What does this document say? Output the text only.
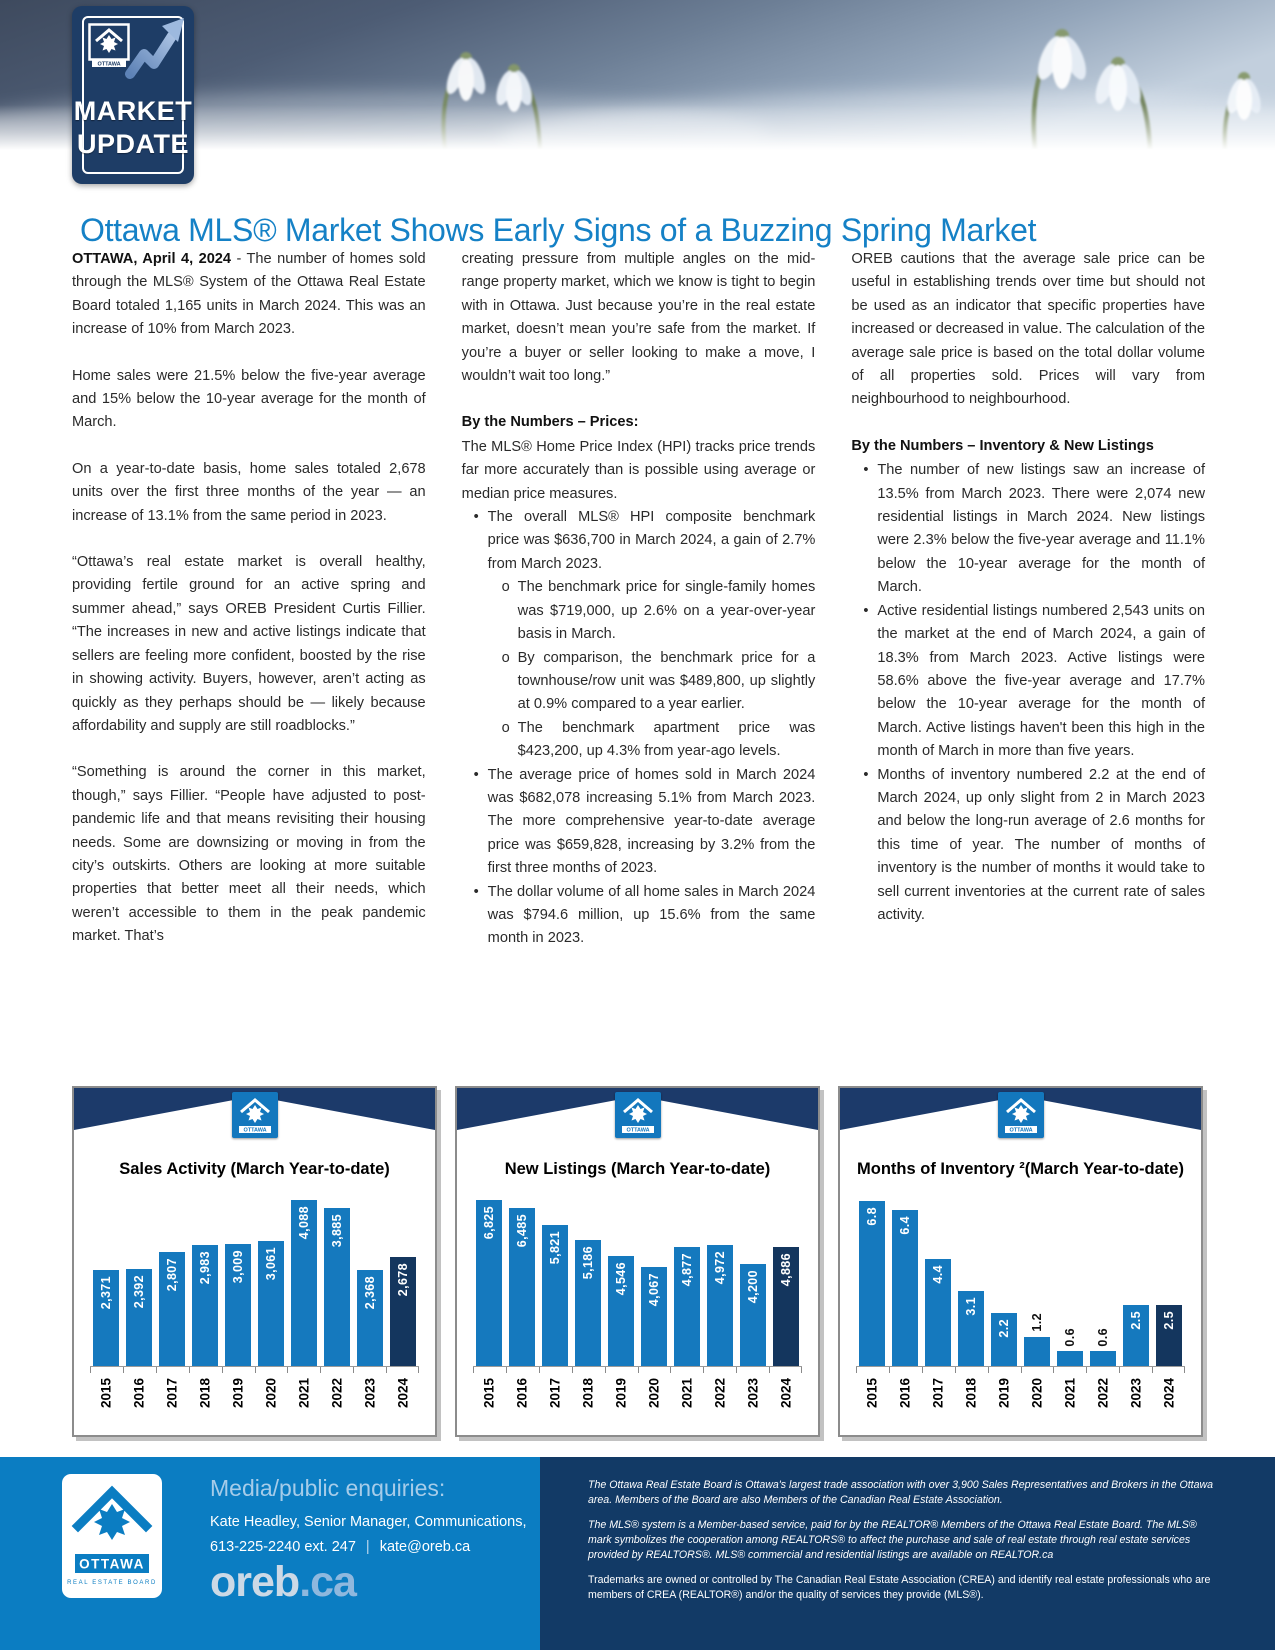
OTTAWA
MARKET
UPDATE
Ottawa MLS® Market Shows Early Signs of a Buzzing Spring Market

OTTAWA, April 4, 2024 - The number of homes sold through the MLS® System of the Ottawa Real Estate Board totaled 1,165 units in March 2024. This was an increase of 10% from March 2023.

Home sales were 21.5% below the five-year average and 15% below the 10-year average for the month of March.

On a year-to-date basis, home sales totaled 2,678 units over the first three months of the year — an increase of 13.1% from the same period in 2023.

“Ottawa’s real estate market is overall healthy, providing fertile ground for an active spring and summer ahead,” says OREB President Curtis Fillier. “The increases in new and active listings indicate that sellers are feeling more confident, boosted by the rise in showing activity. Buyers, however, aren’t acting as quickly as they perhaps should be — likely because affordability and supply are still roadblocks.”

“Something is around the corner in this market, though,” says Fillier. “People have adjusted to post-pandemic life and that means revisiting their housing needs. Some are downsizing or moving in from the city’s outskirts. Others are looking at more suitable properties that better meet all their needs, which weren’t accessible to them in the peak pandemic market. That’s

creating pressure from multiple angles on the mid-range property market, which we know is tight to begin with in Ottawa. Just because you’re in the real estate market, doesn’t mean you’re safe from the market. If you’re a buyer or seller looking to make a move, I wouldn’t wait too long.”

By the Numbers – Prices:

The MLS® Home Price Index (HPI) tracks price trends far more accurately than is possible using average or median price measures.

• The overall MLS® HPI composite benchmark price was $636,700 in March 2024, a gain of 2.7% from March 2023.
o The benchmark price for single-family homes was $719,000, up 2.6% on a year-over-year basis in March.
o By comparison, the benchmark price for a townhouse/row unit was $489,800, up slightly at 0.9% compared to a year earlier.
o The benchmark apartment price was $423,200, up 4.3% from year-ago levels.
• The average price of homes sold in March 2024 was $682,078 increasing 5.1% from March 2023. The more comprehensive year-to-date average price was $659,828, increasing by 3.2% from the first three months of 2023.
• The dollar volume of all home sales in March 2024 was $794.6 million, up 15.6% from the same month in 2023.

OREB cautions that the average sale price can be useful in establishing trends over time but should not be used as an indicator that specific properties have increased or decreased in value. The calculation of the average sale price is based on the total dollar volume of all properties sold. Prices will vary from neighbourhood to neighbourhood.

By the Numbers – Inventory & New Listings

• The number of new listings saw an increase of 13.5% from March 2023. There were 2,074 new residential listings in March 2024. New listings were 2.3% below the five-year average and 11.1% below the 10-year average for the month of March.
• Active residential listings numbered 2,543 units on the market at the end of March 2024, a gain of 18.3% from March 2023. Active listings were 58.6% above the five-year average and 17.7% below the 10-year average for the month of March. Active listings haven't been this high in the month of March in more than five years.
• Months of inventory numbered 2.2 at the end of March 2024, up only slight from 2 in March 2023 and below the long-run average of 2.6 months for this time of year. The number of months of inventory is the number of months it would take to sell current inventories at the current rate of sales activity.
OTTAWA
Sales Activity (March Year-to-date)
2,371 2,392
2,807 2,983 3,009 3,061
4,088 3,885
2,368 2,678
2015 2016 2017 2018 2019 2020 2021 2022 2023 2024
OTTAWA
New Listings (March Year-to-date)
6,825 6,485 5,821 5,186 4,546 4,067
4,877 4,972
4,200
4,886
2015 2016 2017 2018 2019 2020 2021 2022 2023 2024
OTTAWA
Months of Inventory ²(March Year-to-date)
6.8
6.4
4.4
3.1
2.2 1.2
0.6 0.6
2.5 2.5
2015 2016 2017 2018 2019 2020 2021 2022 2023 2024
OTTAWA
REAL ESTATE BOARD
Media/public enquiries:
Kate Headley, Senior Manager, Communications,
613-225-2240 ext. 247 | kate@oreb.ca
oreb.ca

The Ottawa Real Estate Board is Ottawa's largest trade association with over 3,900 Sales Representatives and Brokers in the Ottawa area. Members of the Board are also Members of the Canadian Real Estate Association.

The MLS® system is a Member-based service, paid for by the REALTOR® Members of the Ottawa Real Estate Board. The MLS® mark symbolizes the cooperation among REALTORS® to affect the purchase and sale of real estate through real estate services provided by REALTORS®. MLS® commercial and residential listings are available on REALTOR.ca

Trademarks are owned or controlled by The Canadian Real Estate Association (CREA) and identify real estate professionals who are members of CREA (REALTOR®) and/or the quality of services they provide (MLS®).
